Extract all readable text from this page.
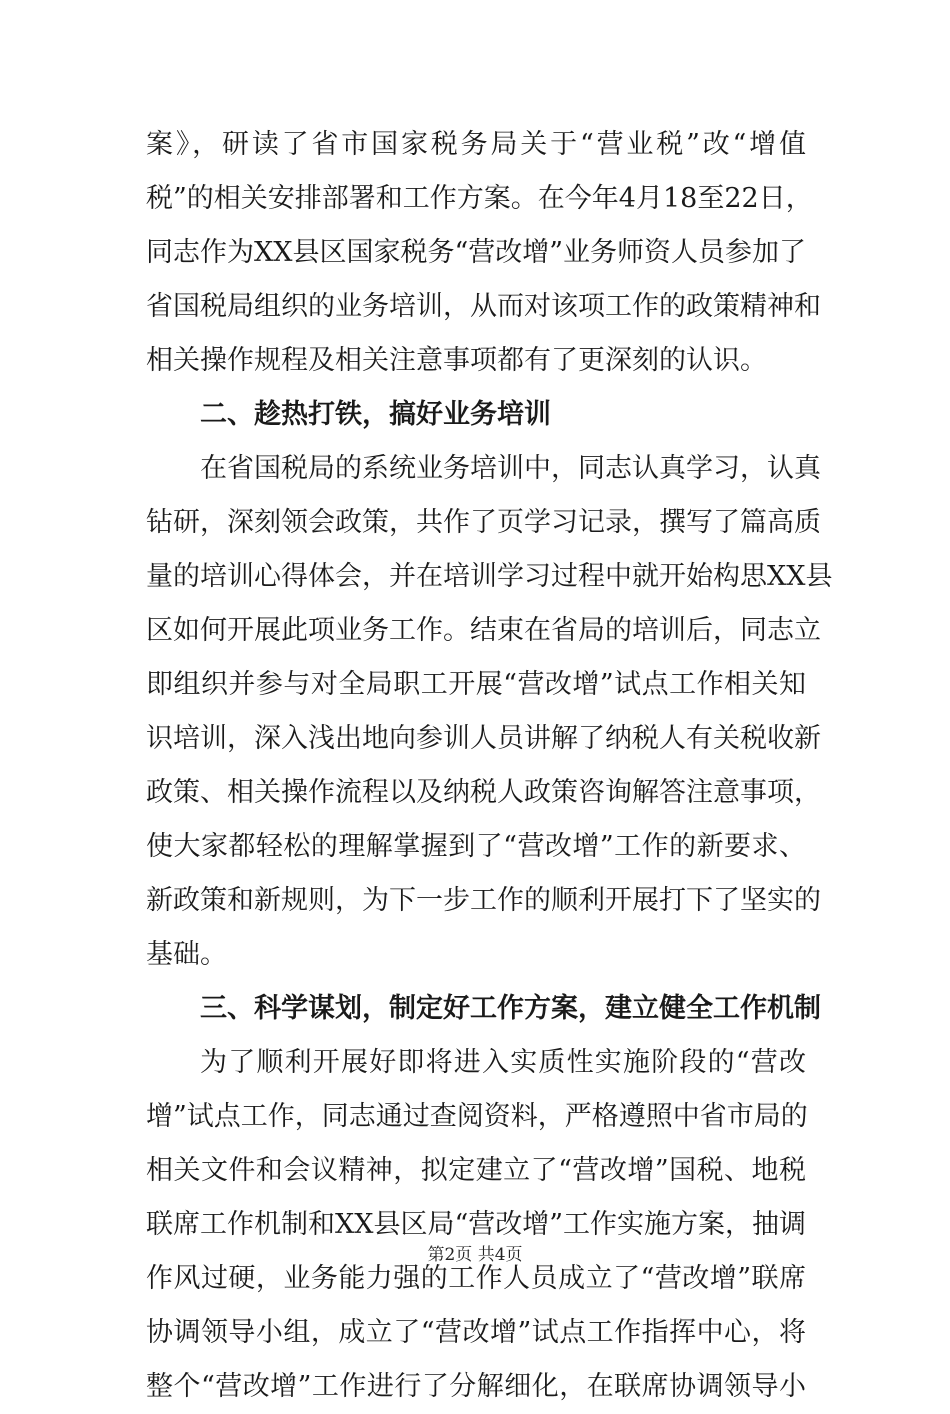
案》，研读了省市国家税务局关于“营业税”改“增值
税”的相关安排部署和工作方案。在今年4月18至22日，
同志作为XX县区国家税务“营改增”业务师资人员参加了
省国税局组织的业务培训，从而对该项工作的政策精神和
相关操作规程及相关注意事项都有了更深刻的认识。
二、趁热打铁，搞好业务培训
在省国税局的系统业务培训中，同志认真学习，认真
钻研，深刻领会政策，共作了页学习记录，撰写了篇高质
量的培训心得体会，并在培训学习过程中就开始构思XX县
区如何开展此项业务工作。结束在省局的培训后，同志立
即组织并参与对全局职工开展“营改增”试点工作相关知
识培训，深入浅出地向参训人员讲解了纳税人有关税收新
政策、相关操作流程以及纳税人政策咨询解答注意事项，
使大家都轻松的理解掌握到了“营改增”工作的新要求、
新政策和新规则，为下一步工作的顺利开展打下了坚实的
基础。
三、科学谋划，制定好工作方案，建立健全工作机制
为了顺利开展好即将进入实质性实施阶段的“营改
增”试点工作，同志通过查阅资料，严格遵照中省市局的
相关文件和会议精神，拟定建立了“营改增”国税、地税
联席工作机制和XX县区局“营改增”工作实施方案，抽调
作风过硬，业务能力强的工作人员成立了“营改增”联席
协调领导小组，成立了“营改增”试点工作指挥中心，将
整个“营改增”工作进行了分解细化，在联席协调领导小
第2页 共4页
